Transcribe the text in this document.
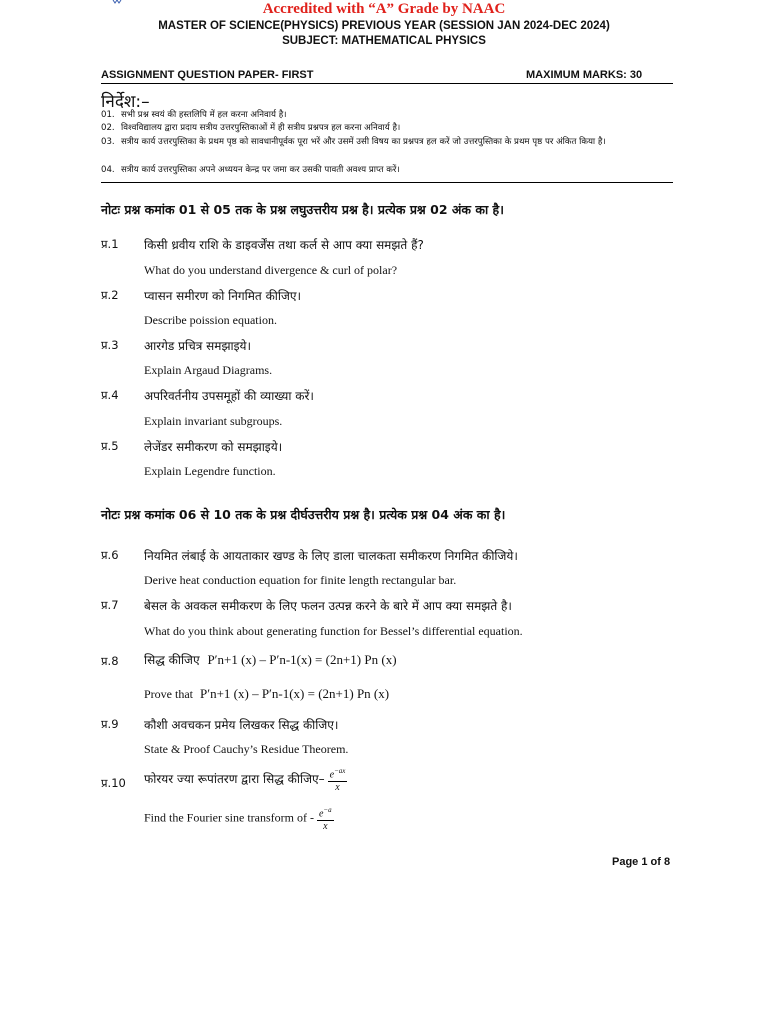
Accredited with “A” Grade by NAAC
MASTER OF SCIENCE(PHYSICS) PREVIOUS YEAR (SESSION JAN 2024-DEC 2024)
SUBJECT: MATHEMATICAL PHYSICS
ASSIGNMENT QUESTION PAPER- FIRST	MAXIMUM MARKS: 30
निर्देश:–
01. सभी प्रश्न स्वयं की हस्तलिपि में हल करना अनिवार्य है।
02. विश्वविद्यालय द्वारा प्रदाय सत्रीय उत्तरपुस्तिकाओं में ही सत्रीय प्रश्नपत्र हल करना अनिवार्य है।
03. सत्रीय कार्य उत्तरपुस्तिका के प्रथम पृष्ठ को सावधानीपूर्वक पूरा भरें और उसमें उसी विषय का प्रश्नपत्र हल करें जो उत्तरपुस्तिका के प्रथम पृष्ठ पर अंकित किया है।
04. सत्रीय कार्य उत्तरपुस्तिका अपने अध्ययन केन्द्र पर जमा कर उसकी पावती अवश्य प्राप्त करें।
नोटः प्रश्न कमांक 01 से 05 तक के प्रश्न लघुउत्तरीय प्रश्न है। प्रत्येक प्रश्न 02 अंक का है।
प्र.1 किसी ध्रवीय राशि के डाइवर्जेंस तथा कर्ल से आप क्या समझते हैं?
What do you understand divergence & curl of polar?
प्र.2 प्वासन समीरण को निगमित कीजिए।
Describe poission equation.
प्र.3 आरगेड प्रचित्र समझाइये।
Explain Argaud Diagrams.
प्र.4 अपरिवर्तनीय उपसमूहों की व्याख्या करें।
Explain invariant subgroups.
प्र.5 लेजेंडर समीकरण को समझाइये।
Explain Legendre function.
नोटः प्रश्न कमांक 06 से 10 तक के प्रश्न दीर्घउत्तरीय प्रश्न है। प्रत्येक प्रश्न 04 अंक का है।
प्र.6 नियमित लंबाई के आयताकार खण्ड के लिए डाला चालकता समीकरण निगमित कीजिये।
Derive heat conduction equation for finite length rectangular bar.
प्र.7 बेसल के अवकल समीकरण के लिए फलन उत्पन्न करने के बारे में आप क्या समझते है।
What do you think about generating function for Bessel’s differential equation.
प्र.8 सिद्ध कीजिए P′n+1 (x) – P′n-1(x) = (2n+1) Pn (x)
Prove that P′n+1 (x) – P′n-1(x) = (2n+1) Pn (x)
प्र.9 कौशी अवचकन प्रमेय लिखकर सिद्ध कीजिए।
State & Proof Cauchy’s Residue Theorem.
प्र.10 फोरयर ज्या रूपांतरण द्वारा सिद्ध कीजिए– $\frac{e^{-ax}}{x}$
Find the Fourier sine transform of - $\frac{e^{-a}}{x}$
Page 1 of 8
